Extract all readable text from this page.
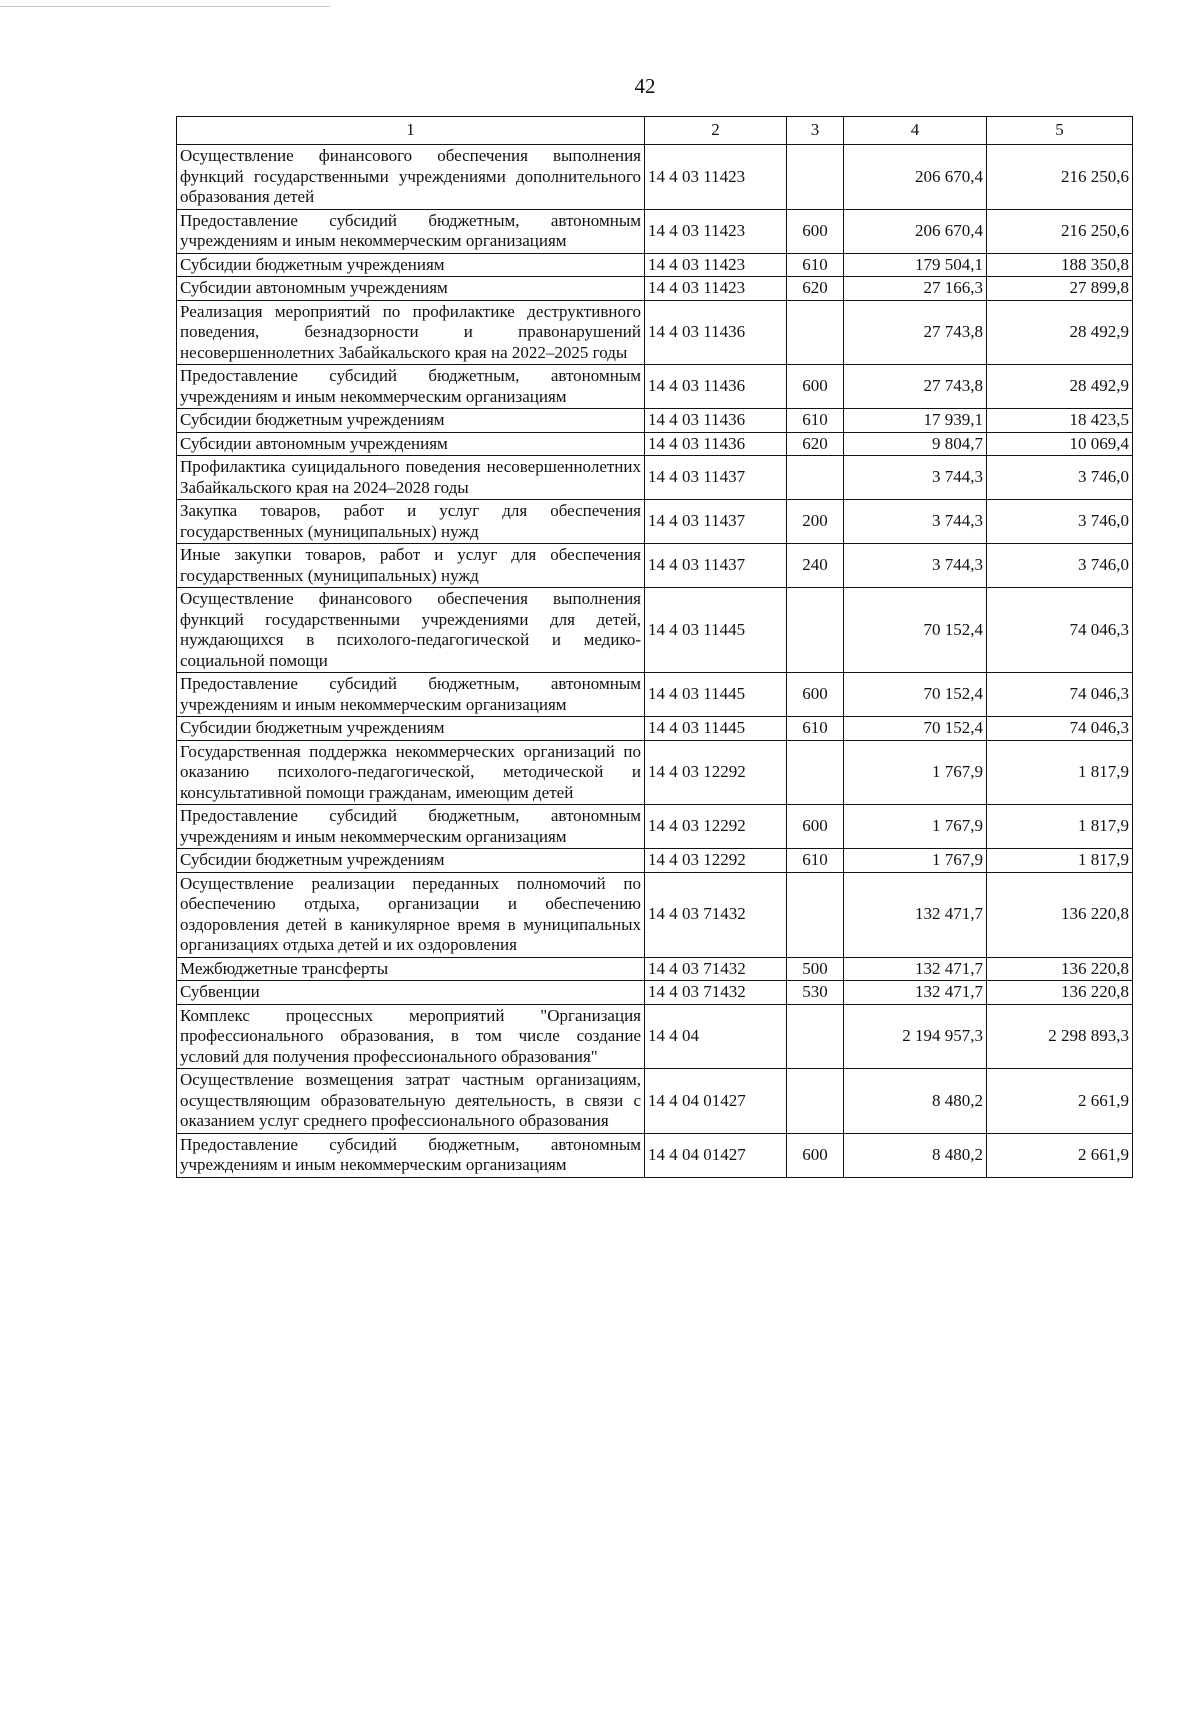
42
1	2	3	4	5
Осуществление финансового обеспечения выполнения функций государственными учреждениями дополнительного образования детей	14 4 03 11423		206 670,4	216 250,6
Предоставление субсидий бюджетным, автономным учреждениям и иным некоммерческим организациям	14 4 03 11423	600	206 670,4	216 250,6
Субсидии бюджетным учреждениям	14 4 03 11423	610	179 504,1	188 350,8
Субсидии автономным учреждениям	14 4 03 11423	620	27 166,3	27 899,8
Реализация мероприятий по профилактике деструктивного поведения, безнадзорности и правонарушений несовершеннолетних Забайкальского края на 2022–2025 годы	14 4 03 11436		27 743,8	28 492,9
Предоставление субсидий бюджетным, автономным учреждениям и иным некоммерческим организациям	14 4 03 11436	600	27 743,8	28 492,9
Субсидии бюджетным учреждениям	14 4 03 11436	610	17 939,1	18 423,5
Субсидии автономным учреждениям	14 4 03 11436	620	9 804,7	10 069,4
Профилактика суицидального поведения несовершеннолетних Забайкальского края на 2024–2028 годы	14 4 03 11437		3 744,3	3 746,0
Закупка товаров, работ и услуг для обеспечения государственных (муниципальных) нужд	14 4 03 11437	200	3 744,3	3 746,0
Иные закупки товаров, работ и услуг для обеспечения государственных (муниципальных) нужд	14 4 03 11437	240	3 744,3	3 746,0
Осуществление финансового обеспечения выполнения функций государственными учреждениями для детей, нуждающихся в психолого-педагогической и медико-социальной помощи	14 4 03 11445		70 152,4	74 046,3
Предоставление субсидий бюджетным, автономным учреждениям и иным некоммерческим организациям	14 4 03 11445	600	70 152,4	74 046,3
Субсидии бюджетным учреждениям	14 4 03 11445	610	70 152,4	74 046,3
Государственная поддержка некоммерческих организаций по оказанию психолого-педагогической, методической и консультативной помощи гражданам, имеющим детей	14 4 03 12292		1 767,9	1 817,9
Предоставление субсидий бюджетным, автономным учреждениям и иным некоммерческим организациям	14 4 03 12292	600	1 767,9	1 817,9
Субсидии бюджетным учреждениям	14 4 03 12292	610	1 767,9	1 817,9
Осуществление реализации переданных полномочий по обеспечению отдыха, организации и обеспечению оздоровления детей в каникулярное время в муниципальных организациях отдыха детей и их оздоровления	14 4 03 71432		132 471,7	136 220,8
Межбюджетные трансферты	14 4 03 71432	500	132 471,7	136 220,8
Субвенции	14 4 03 71432	530	132 471,7	136 220,8
Комплекс процессных мероприятий "Организация профессионального образования, в том числе создание условий для получения профессионального образования"	14 4 04		2 194 957,3	2 298 893,3
Осуществление возмещения затрат частным организациям, осуществляющим образовательную деятельность, в связи с оказанием услуг среднего профессионального образования	14 4 04 01427		8 480,2	2 661,9
Предоставление субсидий бюджетным, автономным учреждениям и иным некоммерческим организациям	14 4 04 01427	600	8 480,2	2 661,9
